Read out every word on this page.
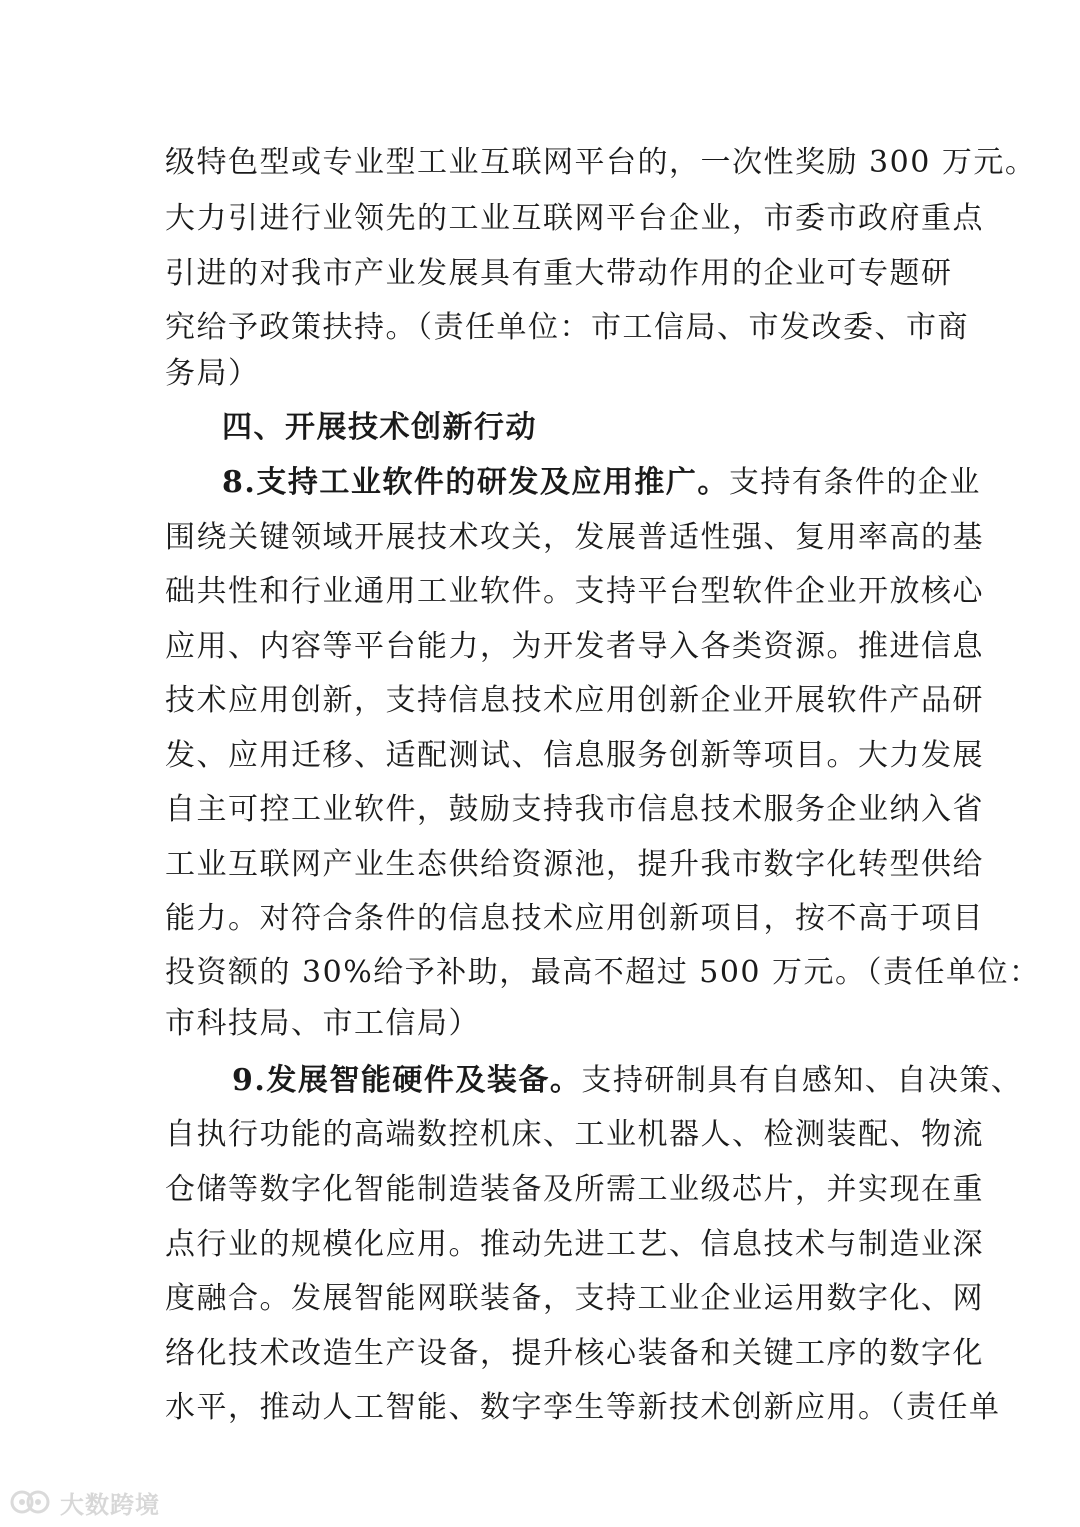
级特色型或专业型工业互联网平台的，一次性奖励 300 万元。
大力引进行业领先的工业互联网平台企业，市委市政府重点
引进的对我市产业发展具有重大带动作用的企业可专题研
究给予政策扶持。（责任单位：市工信局、市发改委、市商
务局）
四、开展技术创新行动
8.支持工业软件的研发及应用推广。支持有条件的企业
围绕关键领域开展技术攻关，发展普适性强、复用率高的基
础共性和行业通用工业软件。支持平台型软件企业开放核心
应用、内容等平台能力，为开发者导入各类资源。推进信息
技术应用创新，支持信息技术应用创新企业开展软件产品研
发、应用迁移、适配测试、信息服务创新等项目。大力发展
自主可控工业软件，鼓励支持我市信息技术服务企业纳入省
工业互联网产业生态供给资源池，提升我市数字化转型供给
能力。对符合条件的信息技术应用创新项目，按不高于项目
投资额的 30%给予补助，最高不超过 500 万元。（责任单位：
市科技局、市工信局）
9.发展智能硬件及装备。支持研制具有自感知、自决策、
自执行功能的高端数控机床、工业机器人、检测装配、物流
仓储等数字化智能制造装备及所需工业级芯片，并实现在重
点行业的规模化应用。推动先进工艺、信息技术与制造业深
度融合。发展智能网联装备，支持工业企业运用数字化、网
络化技术改造生产设备，提升核心装备和关键工序的数字化
水平，推动人工智能、数字孪生等新技术创新应用。（责任单
大数跨境
